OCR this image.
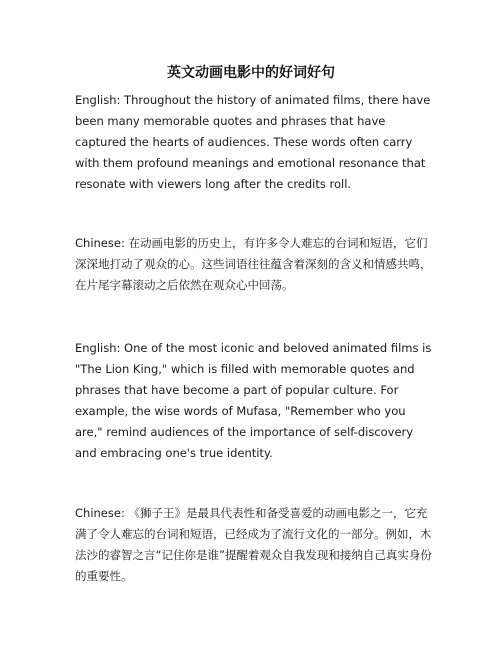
英文动画电影中的好词好句

English: Throughout the history of animated films, there have been many memorable quotes and phrases that have captured the hearts of audiences. These words often carry with them profound meanings and emotional resonance that resonate with viewers long after the credits roll.

Chinese: 在动画电影的历史上，有许多令人难忘的台词和短语，它们深深地打动了观众的心。这些词语往往蕴含着深刻的含义和情感共鸣，在片尾字幕滚动之后依然在观众心中回荡。

English: One of the most iconic and beloved animated films is "The Lion King," which is filled with memorable quotes and phrases that have become a part of popular culture. For example, the wise words of Mufasa, "Remember who you are," remind audiences of the importance of self-discovery and embracing one's true identity.

Chinese: 《狮子王》是最具代表性和备受喜爱的动画电影之一，它充满了令人难忘的台词和短语，已经成为了流行文化的一部分。例如，木法沙的睿智之言“记住你是谁”提醒着观众自我发现和接纳自己真实身份的重要性。
